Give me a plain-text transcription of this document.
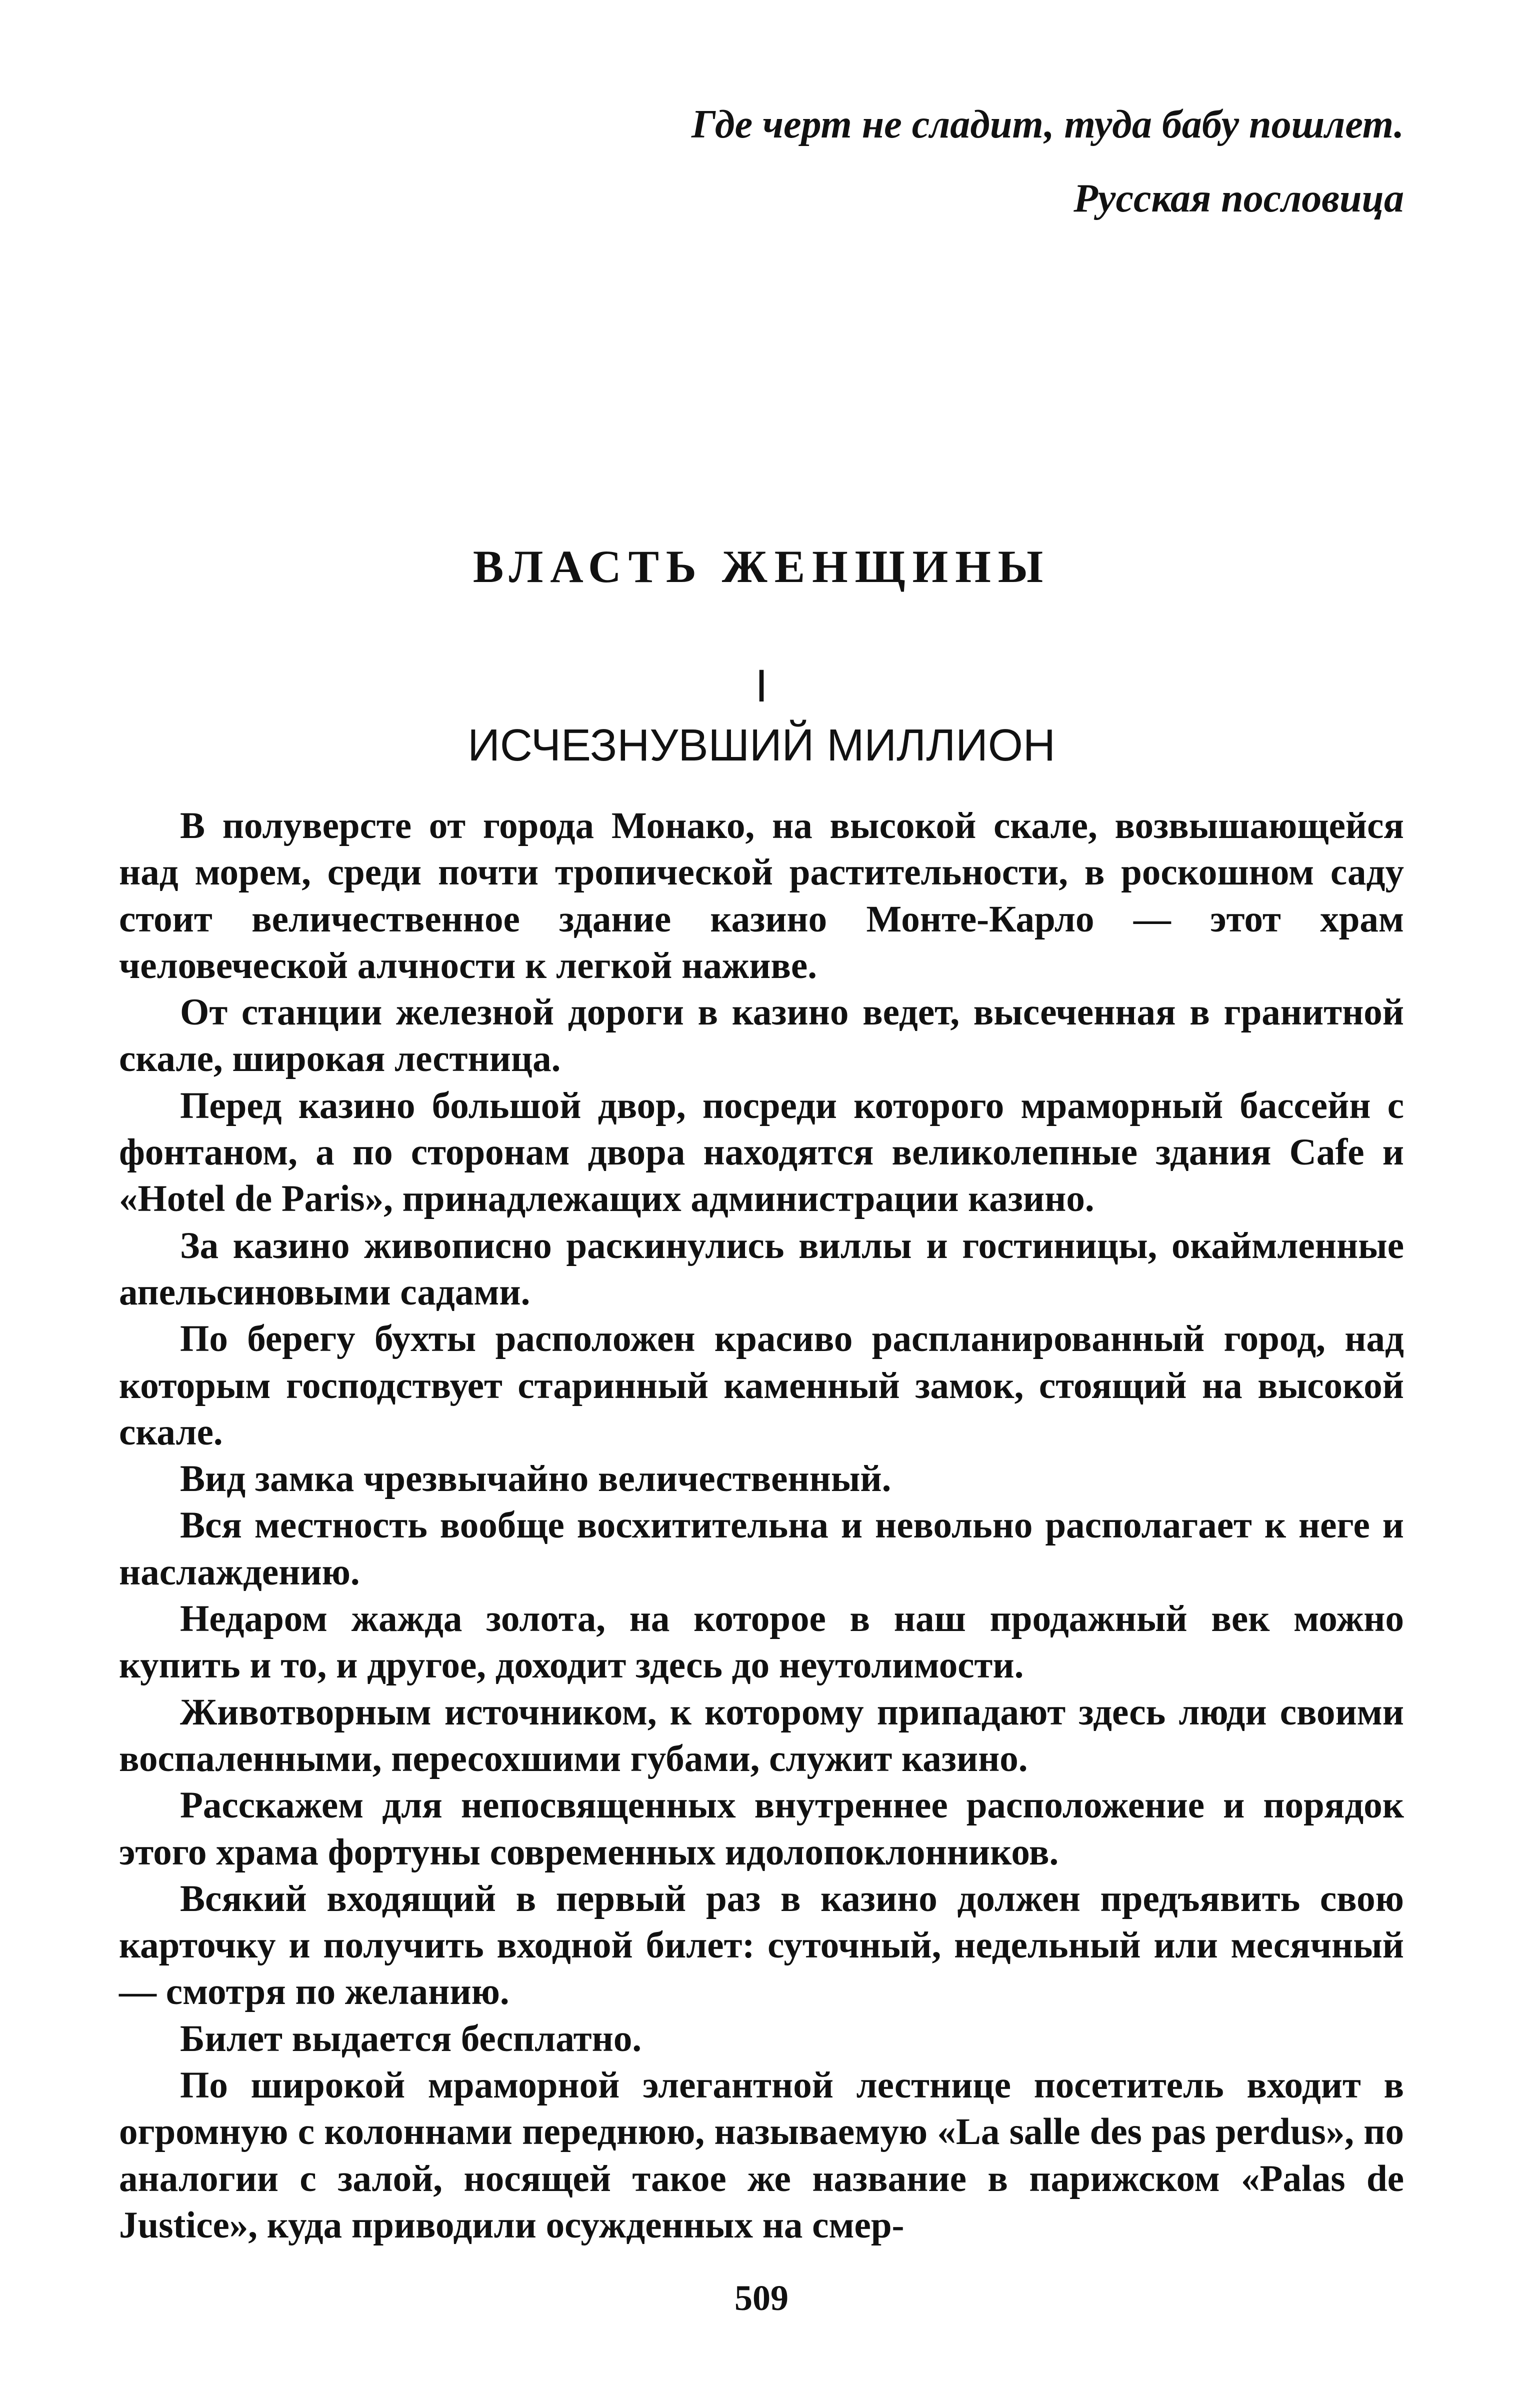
Где черт не сладит, туда бабу пошлет.
Русская пословица
ВЛАСТЬ ЖЕНЩИНЫ
I
ИСЧЕЗНУВШИЙ МИЛЛИОН

В полуверсте от города Монако, на высокой скале, возвышающейся над морем, среди почти тропической растительности, в роскошном саду стоит величественное здание казино Монте-Карло — этот храм человеческой алчности к легкой наживе.

От станции железной дороги в казино ведет, высеченная в гранитной скале, широкая лестница.

Перед казино большой двор, посреди которого мраморный бассейн с фонтаном, а по сторонам двора находятся великолепные здания Cafe и «Hotel de Paris», принадлежащих администрации казино.

За казино живописно раскинулись виллы и гостиницы, окаймленные апельсиновыми садами.

По берегу бухты расположен красиво распланированный город, над которым господствует старинный каменный замок, стоящий на высокой скале.

Вид замка чрезвычайно величественный.

Вся местность вообще восхитительна и невольно располагает к неге и наслаждению.

Недаром жажда золота, на которое в наш продажный век можно купить и то, и другое, доходит здесь до неутолимости.

Животворным источником, к которому припадают здесь люди своими воспаленными, пересохшими губами, служит казино.

Расскажем для непосвященных внутреннее расположение и порядок этого храма фортуны современных идолопоклонников.

Всякий входящий в первый раз в казино должен предъявить свою карточку и получить входной билет: суточный, недельный или месячный — смотря по желанию.

Билет выдается бесплатно.

По широкой мраморной элегантной лестнице посетитель входит в огромную с колоннами переднюю, называемую «La salle des pas perdus», по аналогии с залой, носящей такое же название в парижском «Palas de Justice», куда приводили осужденных на смер-

509
